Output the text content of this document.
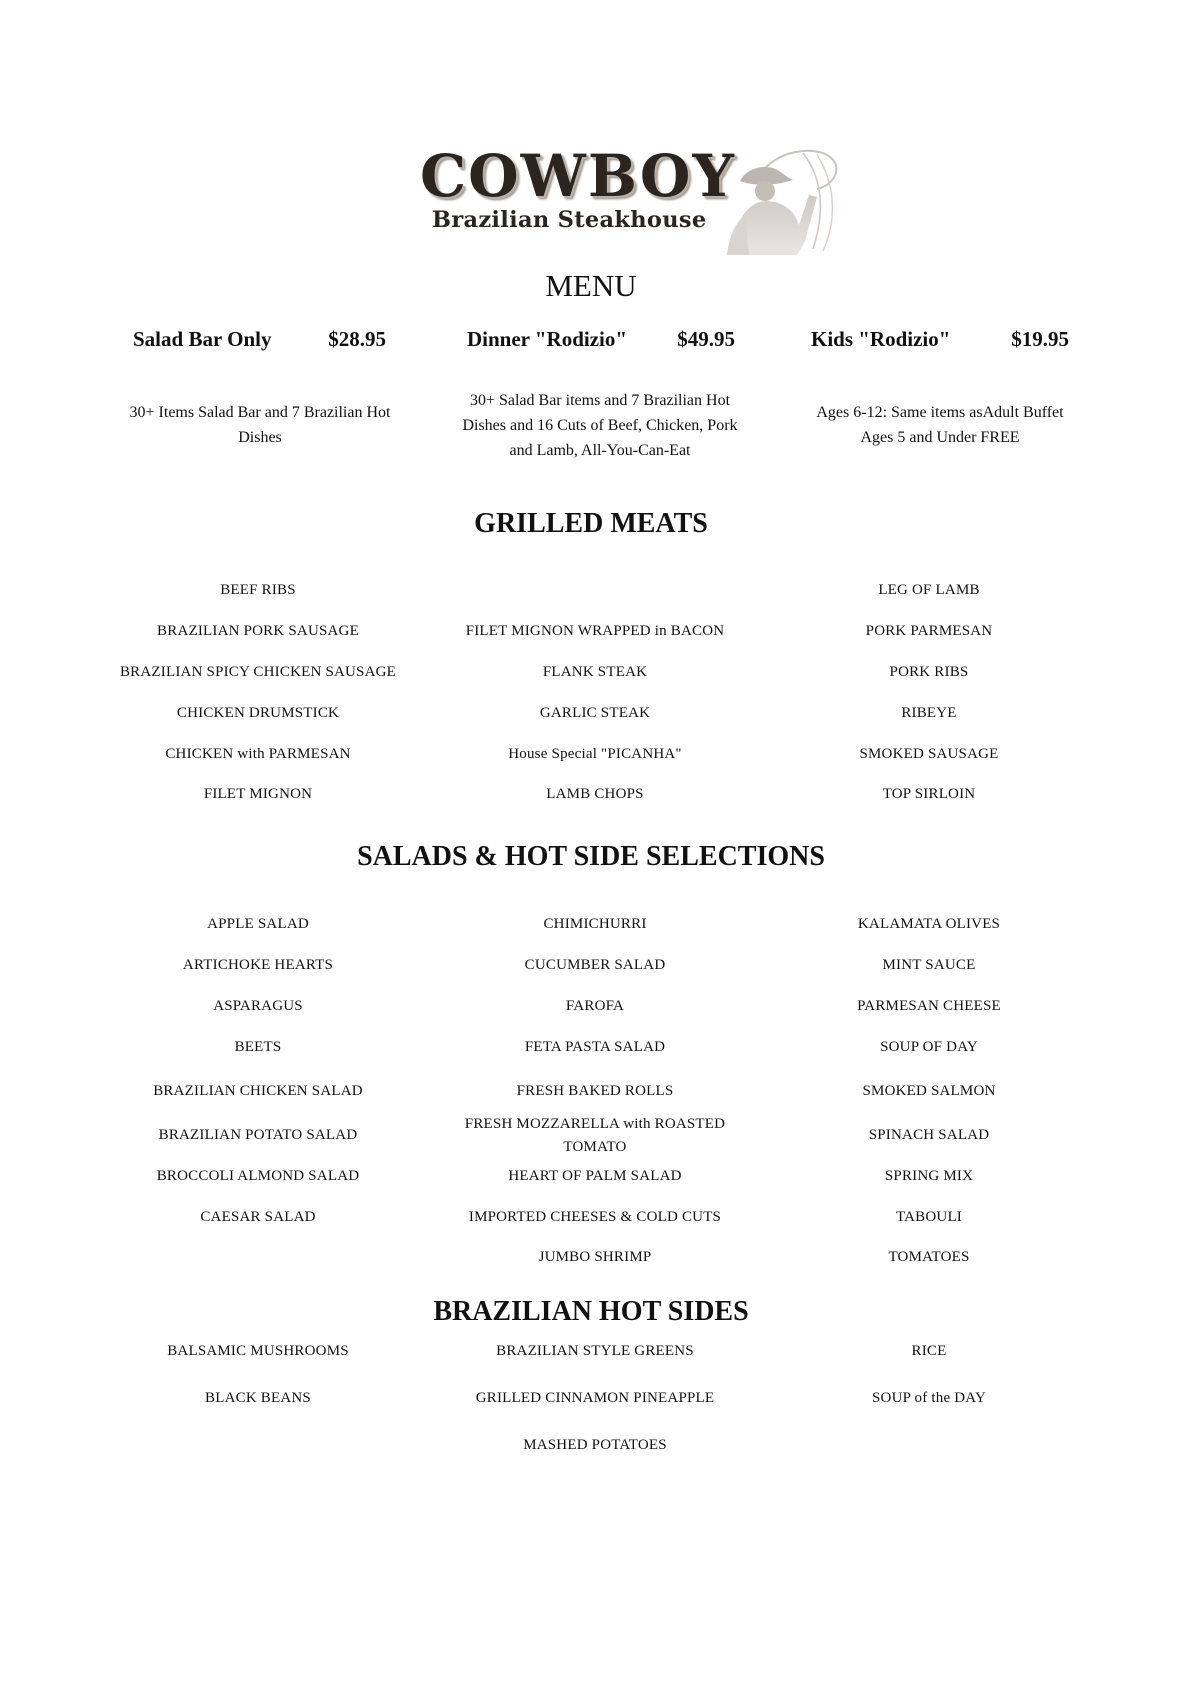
COWBOY
Brazilian Steakhouse
MENU
Salad Bar Only	$28.95	Dinner "Rodizio" $49.95	Kids "Rodizio"	$19.95
30+ Items Salad Bar and 7 Brazilian Hot
Dishes
30+ Salad Bar items and 7 Brazilian Hot
Dishes and 16 Cuts of Beef, Chicken, Pork
and Lamb, All-You-Can-Eat
Ages 6-12: Same items asAdult Buffet
Ages 5 and Under FREE
GRILLED MEATS
BEEF RIBS
BRAZILIAN PORK SAUSAGE
BRAZILIAN SPICY CHICKEN SAUSAGE
CHICKEN DRUMSTICK
CHICKEN with PARMESAN
FILET MIGNON
FILET MIGNON WRAPPED in BACON
FLANK STEAK
GARLIC STEAK
House Special "PICANHA"
LAMB CHOPS
LEG OF LAMB
PORK PARMESAN
PORK RIBS
RIBEYE
SMOKED SAUSAGE
TOP SIRLOIN
SALADS & HOT SIDE SELECTIONS
APPLE SALAD
ARTICHOKE HEARTS
ASPARAGUS
BEETS
BRAZILIAN CHICKEN SALAD
BRAZILIAN POTATO SALAD
BROCCOLI ALMOND SALAD
CAESAR SALAD
CHIMICHURRI
CUCUMBER SALAD
FAROFA
FETA PASTA SALAD
FRESH BAKED ROLLS
FRESH MOZZARELLA with ROASTED
TOMATO
HEART OF PALM SALAD
IMPORTED CHEESES & COLD CUTS
JUMBO SHRIMP
KALAMATA OLIVES
MINT SAUCE
PARMESAN CHEESE
SOUP OF DAY
SMOKED SALMON
SPINACH SALAD
SPRING MIX
TABOULI
TOMATOES
BRAZILIAN HOT SIDES
BALSAMIC MUSHROOMS
BLACK BEANS
BRAZILIAN STYLE GREENS
GRILLED CINNAMON PINEAPPLE
MASHED POTATOES
RICE
SOUP of the DAY
